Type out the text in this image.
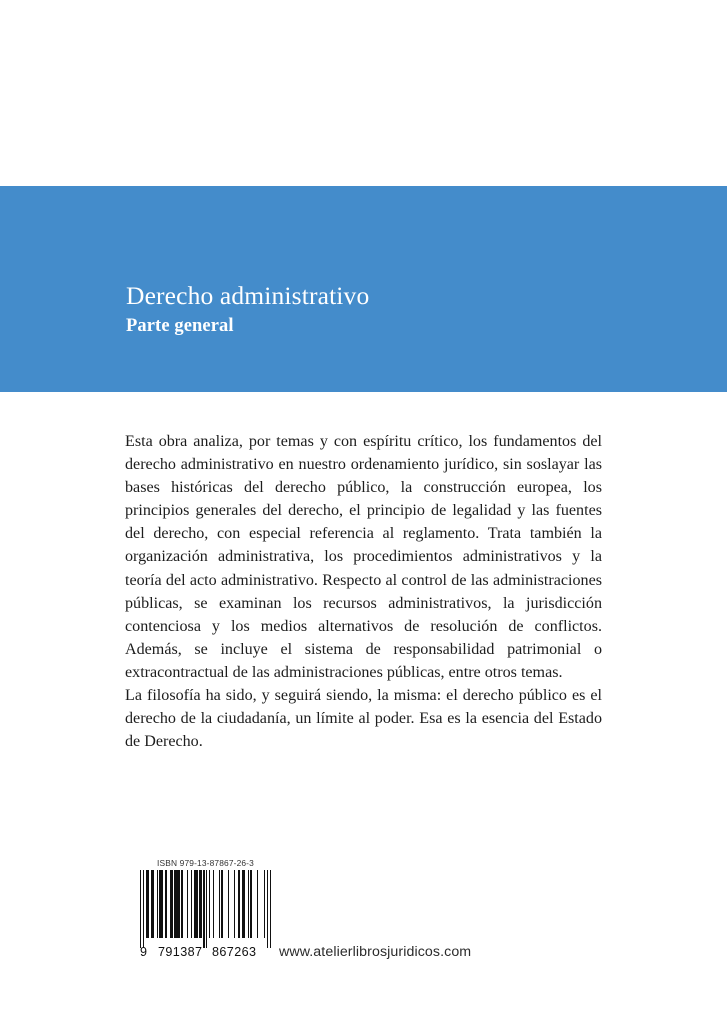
Derecho administrativo
Parte general

Esta obra analiza, por temas y con espíritu crítico, los fundamentos del derecho administrativo en nuestro ordenamiento jurídico, sin soslayar las bases históricas del derecho público, la construcción europea, los principios generales del derecho, el principio de legalidad y las fuentes del derecho, con especial referencia al reglamento. Trata también la organización administrativa, los procedimientos administrativos y la teoría del acto administrativo. Respecto al control de las administraciones públicas, se examinan los recursos administrativos, la jurisdicción contenciosa y los medios alternativos de resolución de conflictos. Además, se incluye el sistema de responsabilidad patrimonial o extracontractual de las administraciones públicas, entre otros temas.

La filosofía ha sido, y seguirá siendo, la misma: el derecho público es el derecho de la ciudadanía, un límite al poder. Esa es la esencia del Estado de Derecho.

ISBN 979-13-87867-26-3
9 791387 867263 www.atelierlibrosjuridicos.com
